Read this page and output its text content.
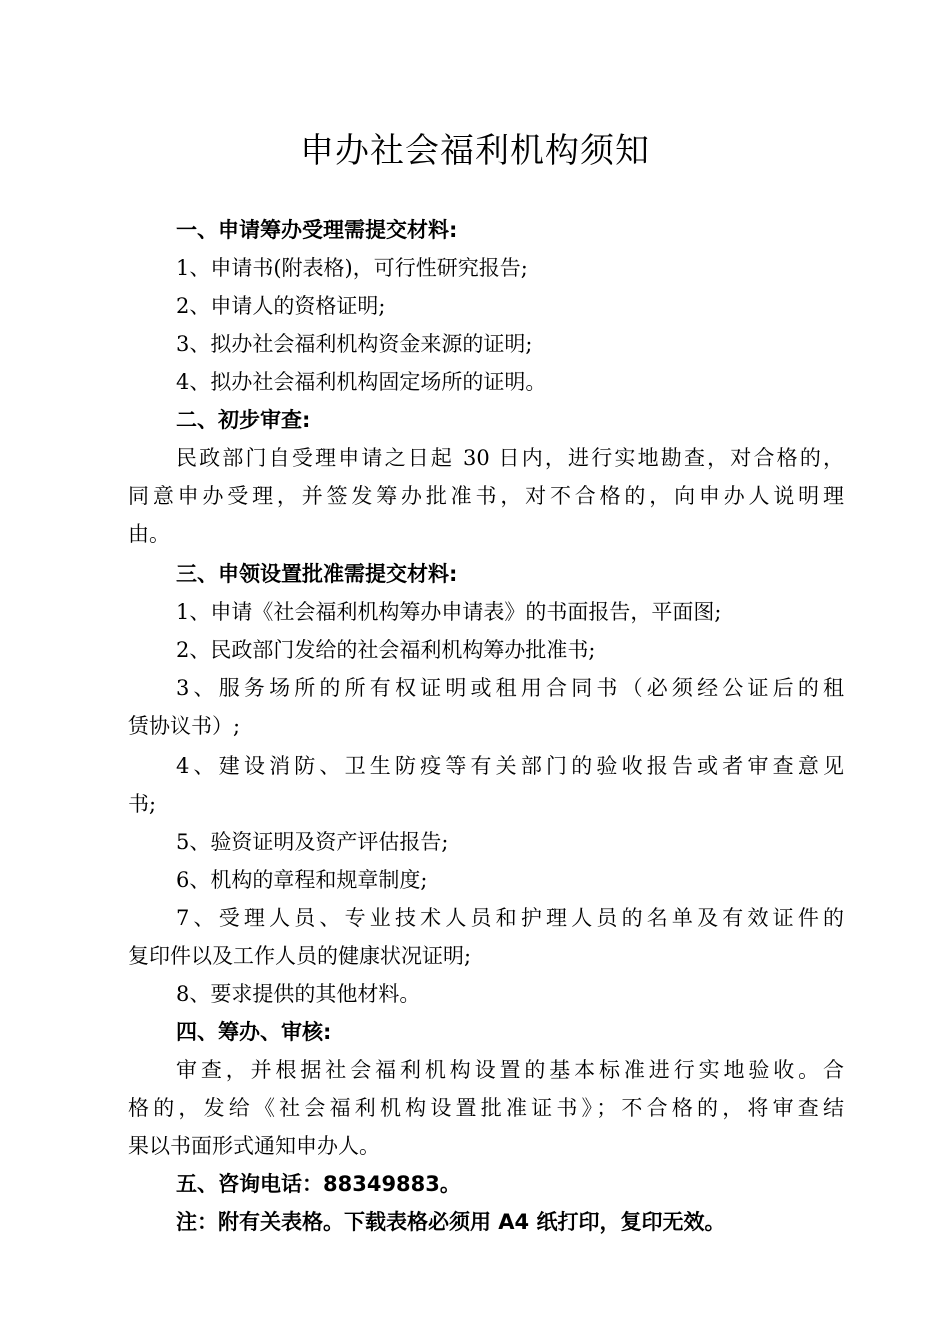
申办社会福利机构须知

一、申请筹办受理需提交材料:

1、申请书(附表格)，可行性研究报告;

2、申请人的资格证明;

3、拟办社会福利机构资金来源的证明;

4、拟办社会福利机构固定场所的证明。

二、初步审查:

民政部门自受理申请之日起 30 日内，进行实地勘查，对合格的，

同意申办受理，并签发筹办批准书，对不合格的，向申办人说明理

由。

三、申领设置批准需提交材料:

1、申请《社会福利机构筹办申请表》的书面报告，平面图;

2、民政部门发给的社会福利机构筹办批准书;

3、服务场所的所有权证明或租用合同书（必须经公证后的租

赁协议书）;

4、建设消防、卫生防疫等有关部门的验收报告或者审查意见

书;

5、验资证明及资产评估报告;

6、机构的章程和规章制度;

7、受理人员、专业技术人员和护理人员的名单及有效证件的

复印件以及工作人员的健康状况证明;

8、要求提供的其他材料。

四、筹办、审核:

审查，并根据社会福利机构设置的基本标准进行实地验收。合

格的，发给《社会福利机构设置批准证书》；不合格的，将审查结

果以书面形式通知申办人。

五、咨询电话：88349883。

注：附有关表格。下载表格必须用 A4 纸打印，复印无效。
